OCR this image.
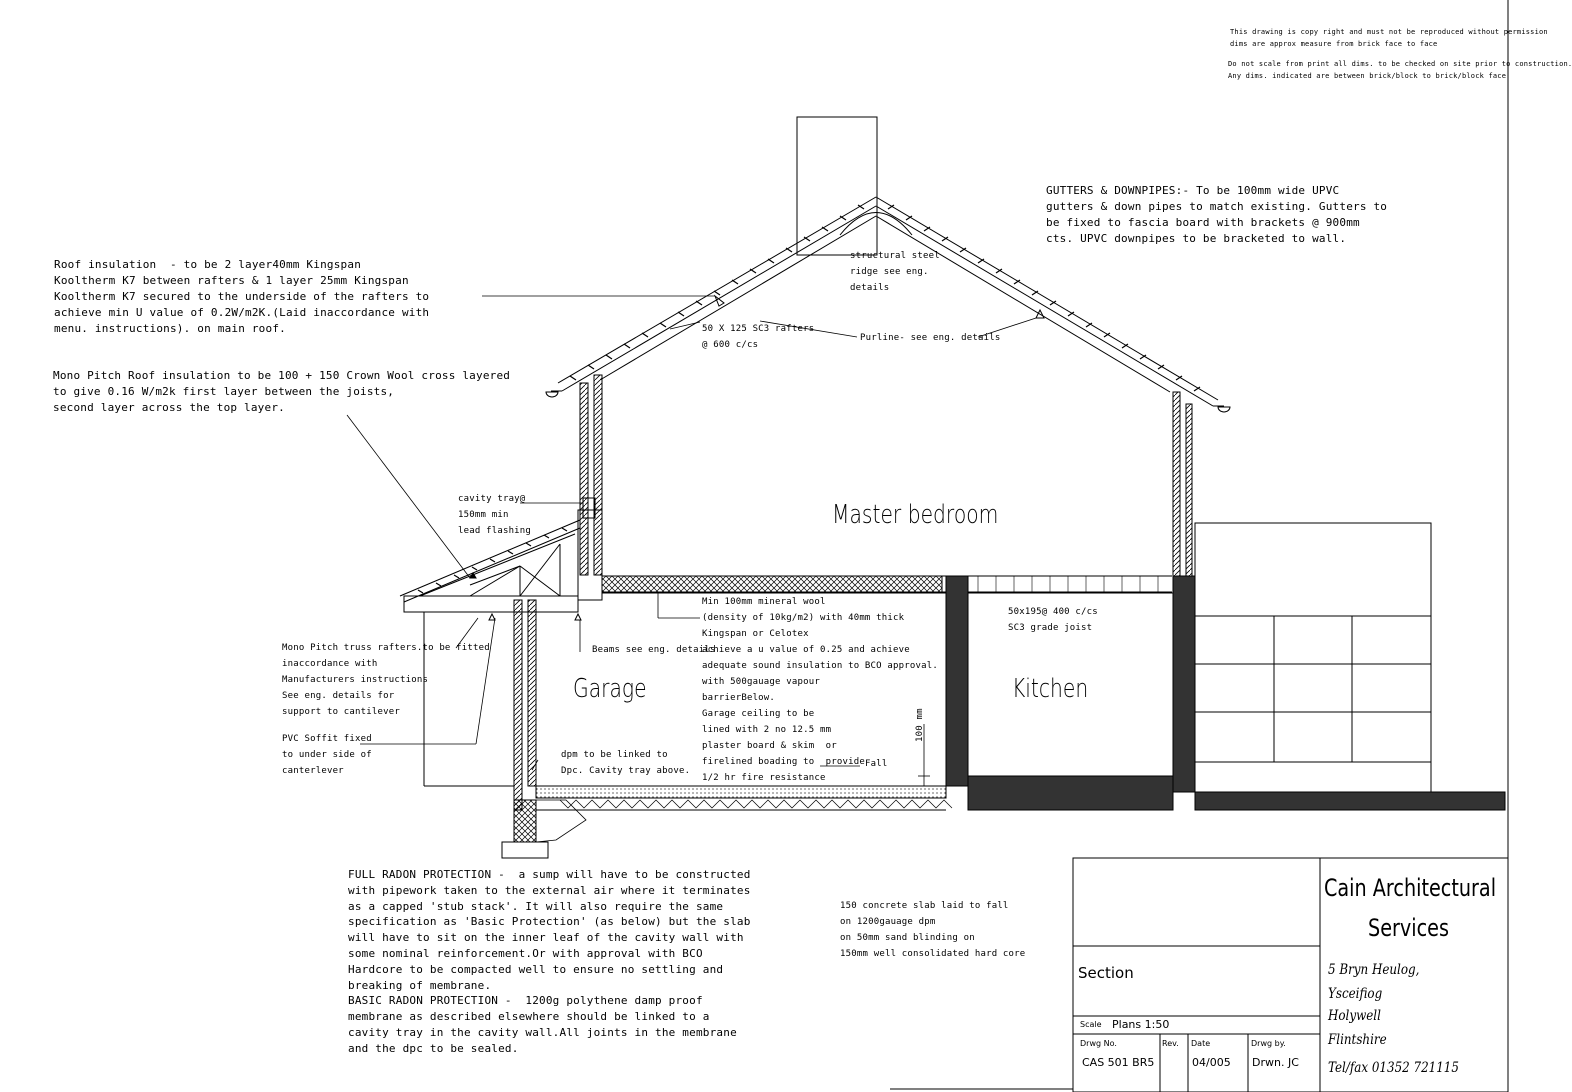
This drawing is copy right and must not be reproduced without permission
dims are approx measure from brick face to face
Do not scale from print all dims. to be checked on site prior to construction.
Any dims. indicated are between brick/block to brick/block face
GUTTERS & DOWNPIPES:- To be 100mm wide UPVC
gutters & down pipes to match existing. Gutters to
be fixed to fascia board with brackets @ 900mm
cts. UPVC downpipes to be bracketed to wall.
Roof insulation  - to be 2 layer40mm Kingspan
Kooltherm K7 between rafters & 1 layer 25mm Kingspan
Kooltherm K7 secured to the underside of the rafters to
achieve min U value of 0.2W/m2K.(Laid inaccordance with
menu. instructions). on main roof.
Mono Pitch Roof insulation to be 100 + 150 Crown Wool cross layered
to give 0.16 W/m2k first layer between the joists,
second layer across the top layer.
structural steel
ridge see eng.
details
50 X 125 SC3 rafters
@ 600 c/cs
Purline- see eng. details
cavity tray@
150mm min
lead flashing
Mono Pitch truss rafters.to be fitted
inaccordance with
Manufacturers instructions
See eng. details for
support to cantilever
PVC Soffit fixed
to under side of
canterlever
Beams see eng. details
Min 100mm mineral wool
(density of 10kg/m2) with 40mm thick
Kingspan or Celotex
achieve a u value of 0.25 and achieve
adequate sound insulation to BCO approval.
with 500gauage vapour
barrierBelow.
Garage ceiling to be
lined with 2 no 12.5 mm
plaster board & skim  or
firelined boading to  provide
1/2 hr fire resistance
50x195@ 400 c/cs
SC3 grade joist
dpm to be linked to
Dpc. Cavity tray above.
Fall
100 mm
FULL RADON PROTECTION -  a sump will have to be constructed
with pipework taken to the external air where it terminates
as a capped 'stub stack'. It will also require the same
specification as 'Basic Protection' (as below) but the slab
will have to sit on the inner leaf of the cavity wall with
some nominal reinforcement.Or with approval with BCO
Hardcore to be compacted well to ensure no settling and
breaking of membrane.
BASIC RADON PROTECTION -  1200g polythene damp proof
membrane as described elsewhere should be linked to a
cavity tray in the cavity wall.All joints in the membrane
and the dpc to be sealed.
150 concrete slab laid to fall
on 1200gauage dpm
on 50mm sand blinding on
150mm well consolidated hard core
Master bedroom
Garage	Kitchen
Section
Scale Plans 1:50
Drwg No.
CAS 501 BR5
Rev. Date
04/005
Drwg by.
Drwn. JC
Cain Architectural
Services
5 Bryn Heulog,
Ysceifiog
Holywell
Flintshire
Tel/fax 01352 721115
